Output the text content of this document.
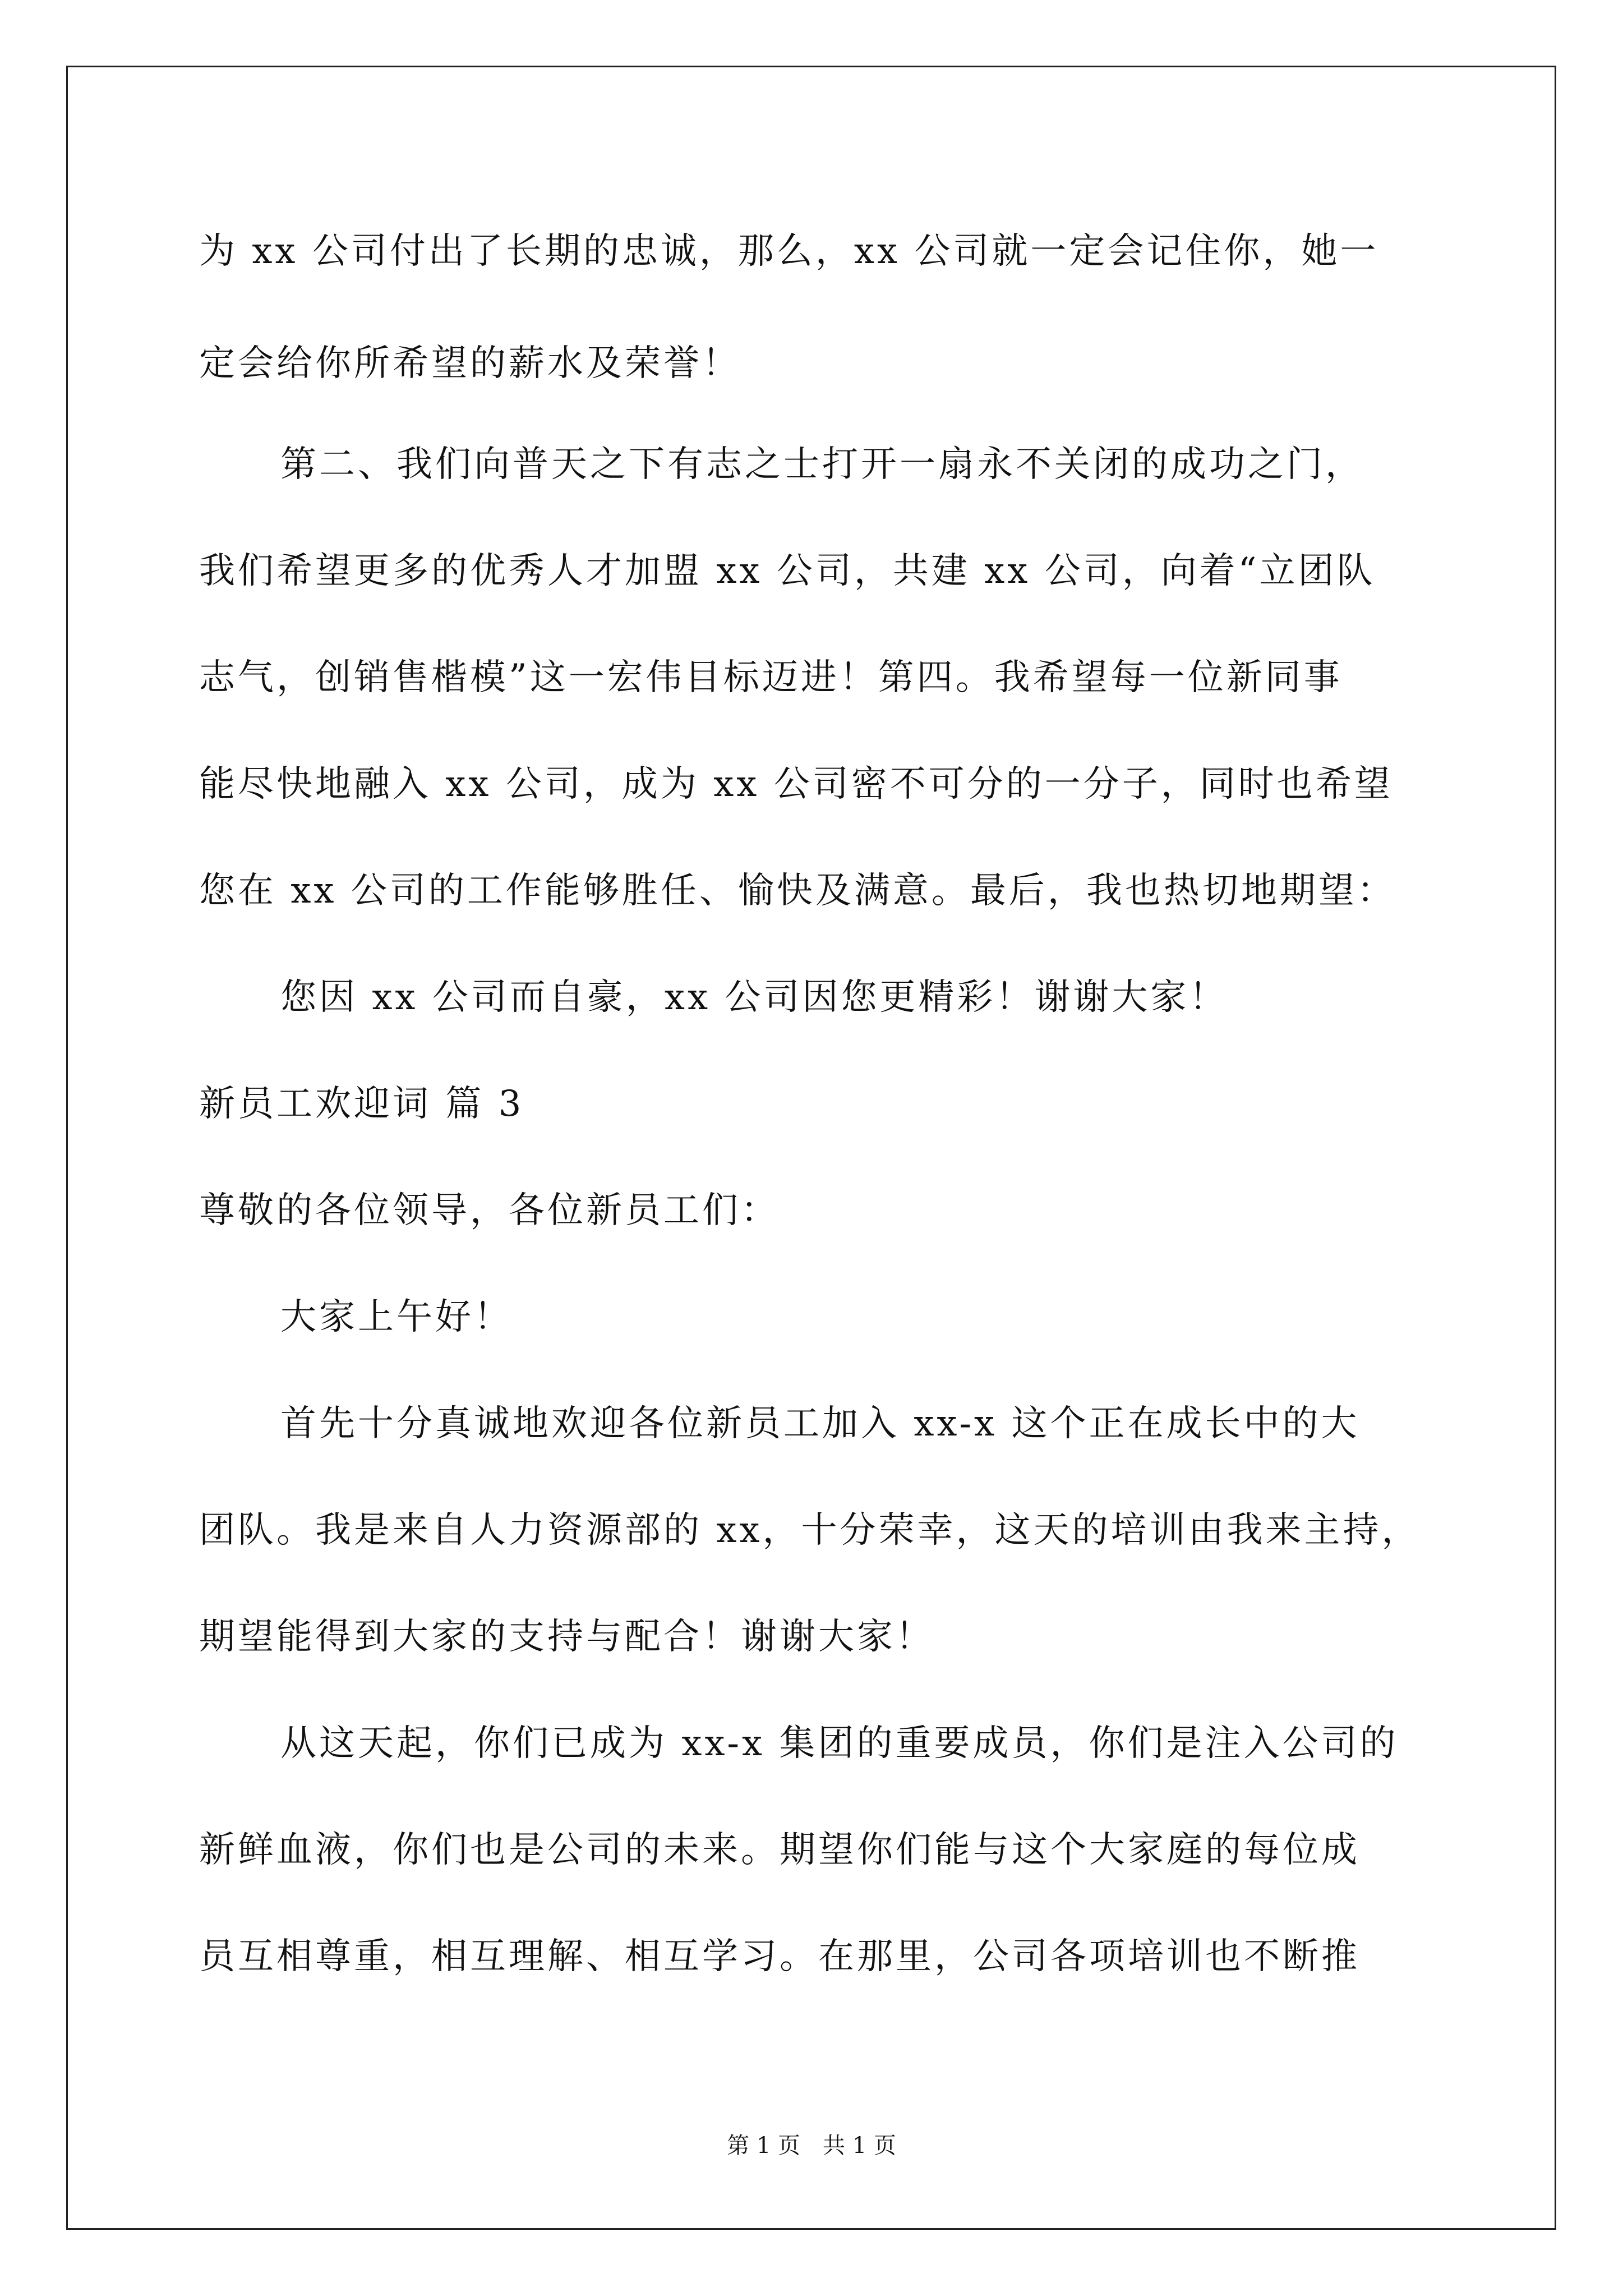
为 xx 公司付出了长期的忠诚，那么，xx 公司就一定会记住你，她一

定会给你所希望的薪水及荣誉！

第二、我们向普天之下有志之士打开一扇永不关闭的成功之门，

我们希望更多的优秀人才加盟 xx 公司，共建 xx 公司，向着“立团队

志气，创销售楷模”这一宏伟目标迈进！第四。我希望每一位新同事

能尽快地融入 xx 公司，成为 xx 公司密不可分的一分子，同时也希望

您在 xx 公司的工作能够胜任、愉快及满意。最后，我也热切地期望：

您因 xx 公司而自豪，xx 公司因您更精彩！谢谢大家！

新员工欢迎词 篇 3

尊敬的各位领导，各位新员工们：

大家上午好！

首先十分真诚地欢迎各位新员工加入 xx-x 这个正在成长中的大

团队。我是来自人力资源部的 xx，十分荣幸，这天的培训由我来主持，

期望能得到大家的支持与配合！谢谢大家！

从这天起，你们已成为 xx-x 集团的重要成员，你们是注入公司的

新鲜血液，你们也是公司的未来。期望你们能与这个大家庭的每位成

员互相尊重，相互理解、相互学习。在那里，公司各项培训也不断推

第 1 页　共 1 页
